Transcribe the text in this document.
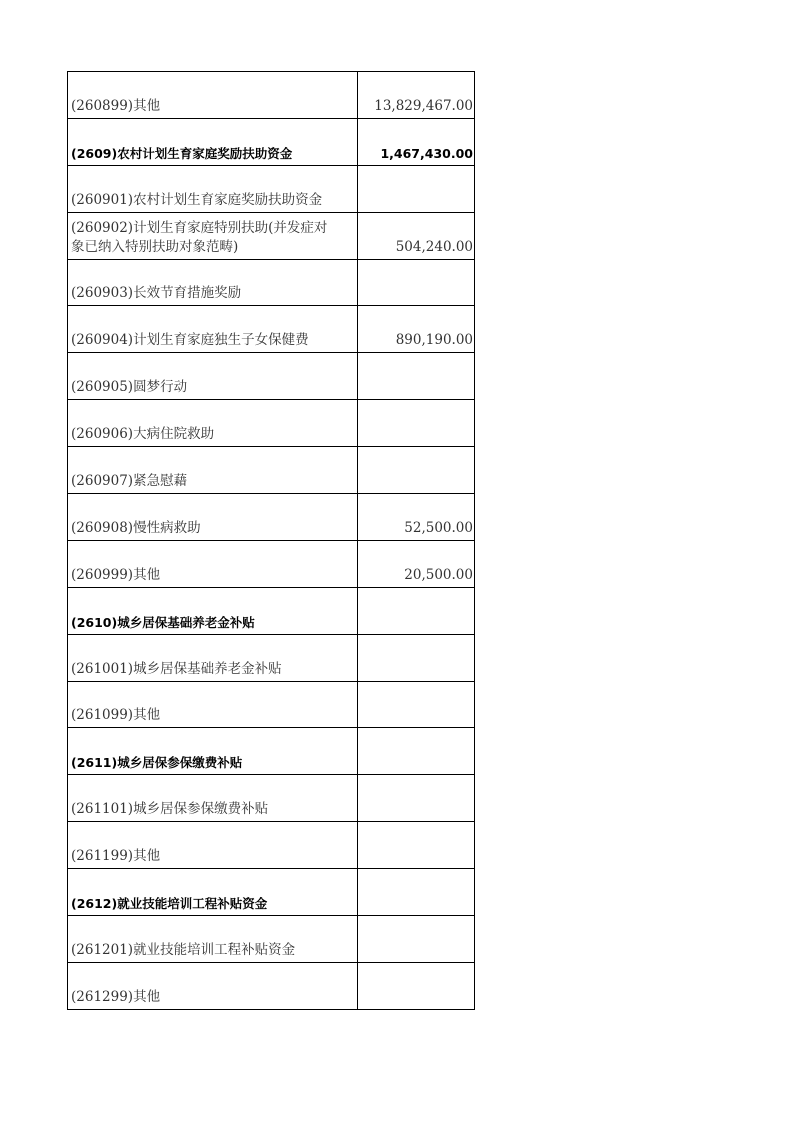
(260899)其他	13,829,467.00
(2609)农村计划生育家庭奖励扶助资金	1,467,430.00
(260901)农村计划生育家庭奖励扶助资金
(260902)计划生育家庭特别扶助(并发症对
象已纳入特别扶助对象范畴)	504,240.00
(260903)长效节育措施奖励
(260904)计划生育家庭独生子女保健费	890,190.00
(260905)圆梦行动
(260906)大病住院救助
(260907)紧急慰藉
(260908)慢性病救助	52,500.00
(260999)其他	20,500.00
(2610)城乡居保基础养老金补贴
(261001)城乡居保基础养老金补贴
(261099)其他
(2611)城乡居保参保缴费补贴
(261101)城乡居保参保缴费补贴
(261199)其他
(2612)就业技能培训工程补贴资金
(261201)就业技能培训工程补贴资金
(261299)其他
